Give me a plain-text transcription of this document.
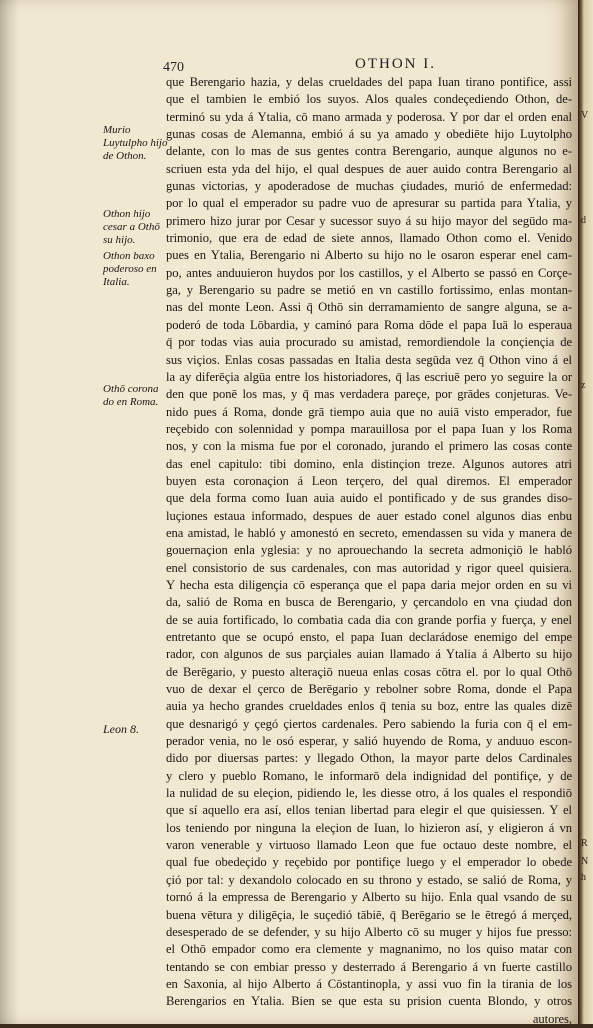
470	OTHON I.
Murio Luytulpho hijo de Othon.
Othon hijo cesar a Othō su hijo.
Othon baxo poderoso en Italia.
Othō corona do en Roma.
Leon 8.
que Berengario hazia, y delas crueldades del papa Iuan tirano pontifice, assi
que el tambien le embió los suyos. Alos quales condeçediendo Othon, de-
terminó su yda á Ytalia, cō mano armada y poderosa. Y por dar el orden enal
gunas cosas de Alemanna, embió á su ya amado y obediēte hijo Luytolpho
delante, con lo mas de sus gentes contra Berengario, aunque algunos no e-
scriuen esta yda del hijo, el qual despues de auer auido contra Berengario al
gunas victorias, y apoderadose de muchas çiudades, murió de enfermedad:
por lo qual el emperador su padre vuo de apresurar su partida para Ytalia, y
primero hizo jurar por Cesar y sucessor suyo á su hijo mayor del segūdo ma-
trimonio, que era de edad de siete annos, llamado Othon como el. Venido
pues en Ytalia, Berengario ni Alberto su hijo no le osaron esperar enel cam-
po, antes anduuieron huydos por los castillos, y el Alberto se passó en Corçe-
ga, y Berengario su padre se metió en vn castillo fortissimo, enlas montan-
nas del monte Leon. Assi q̄ Othō sin derramamiento de sangre alguna, se a-
poderó de toda Lōbardia, y caminó para Roma dōde el papa Iuā lo esperaua
q̄ por todas vias auia procurado su amistad, remordiendole la conçiençia de
sus viçios. Enlas cosas passadas en Italia desta segūda vez q̄ Othon vino á el
la ay diferēçia algūa entre los historiadores, q̄ las escriuē pero yo seguire la or
den que ponē los mas, y q̄ mas verdadera pareçe, por grādes conjeturas. Ve-
nido pues á Roma, donde grā tiempo auia que no auiā visto emperador, fue
reçebido con solennidad y pompa marauillosa por el papa Iuan y los Roma
nos, y con la misma fue por el coronado, jurando el primero las cosas conte
das enel capitulo: tibi domino, enla distinçion treze. Algunos autores atri
buyen esta coronaçion á Leon terçero, del qual diremos. El emperador
que dela forma como Iuan auia auido el pontificado y de sus grandes diso-
luçiones estaua informado, despues de auer estado conel algunos dias enbu
ena amistad, le habló y amonestó en secreto, emendassen su vida y manera de
gouernaçion enla yglesia: y no aprouechando la secreta admoniçiō le habló
enel consistorio de sus cardenales, con mas autoridad y rigor queel quisiera.
Y hecha esta diligençia cō esperança que el papa daria mejor orden en su vi
da, salió de Roma en busca de Berengario, y çercandolo en vna çiudad don
de se auia fortificado, lo combatia cada dia con grande porfia y fuerça, y enel
entretanto que se ocupó ensto, el papa Iuan declarádose enemigo del empe
rador, con algunos de sus parçiales auian llamado á Ytalia á Alberto su hijo
de Berēgario, y puesto alteraçiō nueua enlas cosas cōtra el. por lo qual Othō
vuo de dexar el çerco de Berēgario y rebolner sobre Roma, donde el Papa
auia ya hecho grandes crueldades enlos q̄ tenia su boz, entre las quales dizē
que desnarigó y çegó çiertos cardenales. Pero sabiendo la furia con q̄ el em-
perador venia, no le osó esperar, y salió huyendo de Roma, y anduuo escon-
dido por diuersas partes: y llegado Othon, la mayor parte delos Cardinales
y clero y pueblo Romano, le informarō dela indignidad del pontifiçe, y de
la nulidad de su eleçion, pidiendo le, les diesse otro, á los quales el respondiō
que sí aquello era así, ellos tenian libertad para elegir el que quisiessen. Y el
los teniendo por ninguna la eleçion de Iuan, lo hizieron así, y eligieron á vn
varon venerable y virtuoso llamado Leon que fue octauo deste nombre, el
qual fue obedeçido y reçebido por pontifiçe luego y el emperador lo obede
çió por tal: y dexandolo colocado en su throno y estado, se salió de Roma, y
tornó á la empressa de Berengario y Alberto su hijo. Enla qual vsando de su
buena vētura y diligēçia, le suçedió tābiē, q̄ Berēgario se le ētregó á merçed,
desesperado de se defender, y su hijo Alberto cō su muger y hijos fue presso:
el Othō empador como era clemente y magnanimo, no los quiso matar con
tentando se con embiar presso y desterrado á Berengario á vn fuerte castillo
en Saxonia, al hijo Alberto á Cōstantinopla, y assi vuo fin la tirania de los
Berengarios en Ytalia. Bien se que esta su prision cuenta Blondo, y otros
autores,
V
d
z
R
N
h
